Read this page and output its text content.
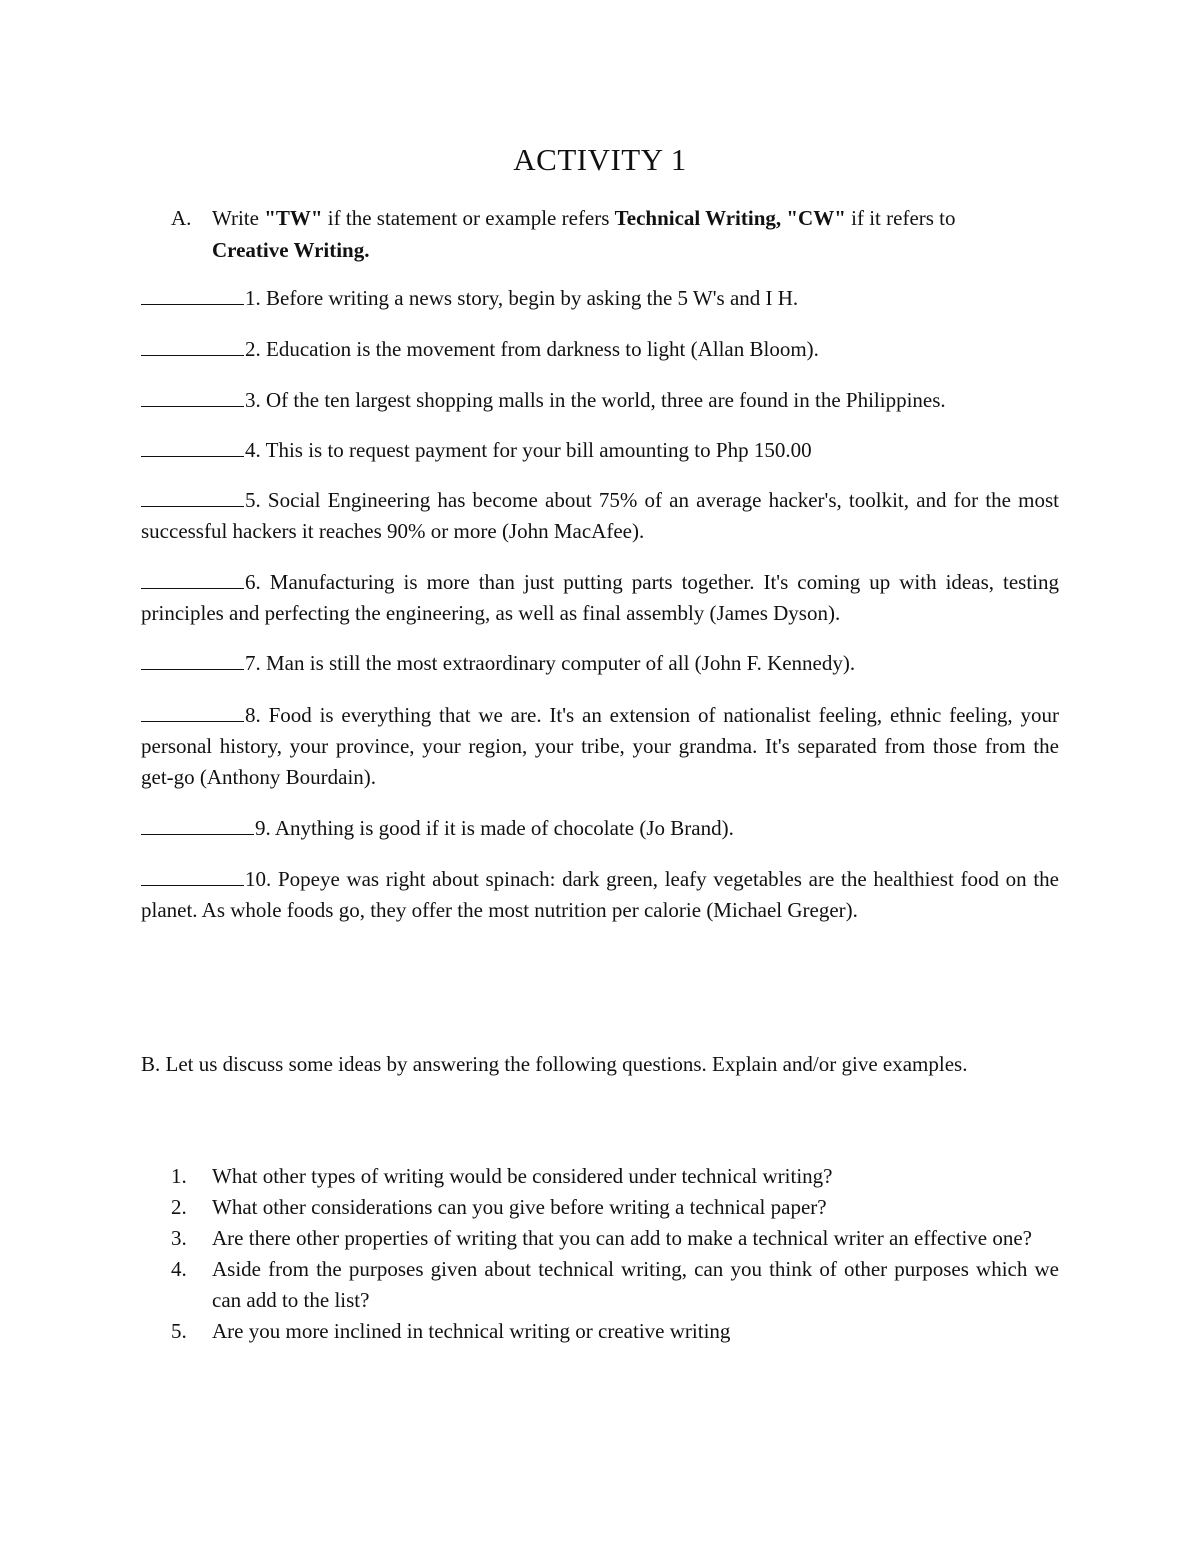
ACTIVITY 1
A. Write "TW" if the statement or example refers Technical Writing, "CW" if it refers to
Creative Writing.

1. Before writing a news story, begin by asking the 5 W's and I H.

2. Education is the movement from darkness to light (Allan Bloom).

3. Of the ten largest shopping malls in the world, three are found in the Philippines.

4. This is to request payment for your bill amounting to Php 150.00

5. Social Engineering has become about 75% of an average hacker's, toolkit, and for the most successful hackers it reaches 90% or more (John MacAfee).

6. Manufacturing is more than just putting parts together. It's coming up with ideas, testing principles and perfecting the engineering, as well as final assembly (James Dyson).

7. Man is still the most extraordinary computer of all (John F. Kennedy).

8. Food is everything that we are. It's an extension of nationalist feeling, ethnic feeling, your personal history, your province, your region, your tribe, your grandma. It's separated from those from the get-go (Anthony Bourdain).

9. Anything is good if it is made of chocolate (Jo Brand).

10. Popeye was right about spinach: dark green, leafy vegetables are the healthiest food on the planet. As whole foods go, they offer the most nutrition per calorie (Michael Greger).

B. Let us discuss some ideas by answering the following questions. Explain and/or give examples.

1. What other types of writing would be considered under technical writing?
2. What other considerations can you give before writing a technical paper?
3. Are there other properties of writing that you can add to make a technical writer an effective one?
4. Aside from the purposes given about technical writing, can you think of other purposes which we can add to the list?
5. Are you more inclined in technical writing or creative writing
